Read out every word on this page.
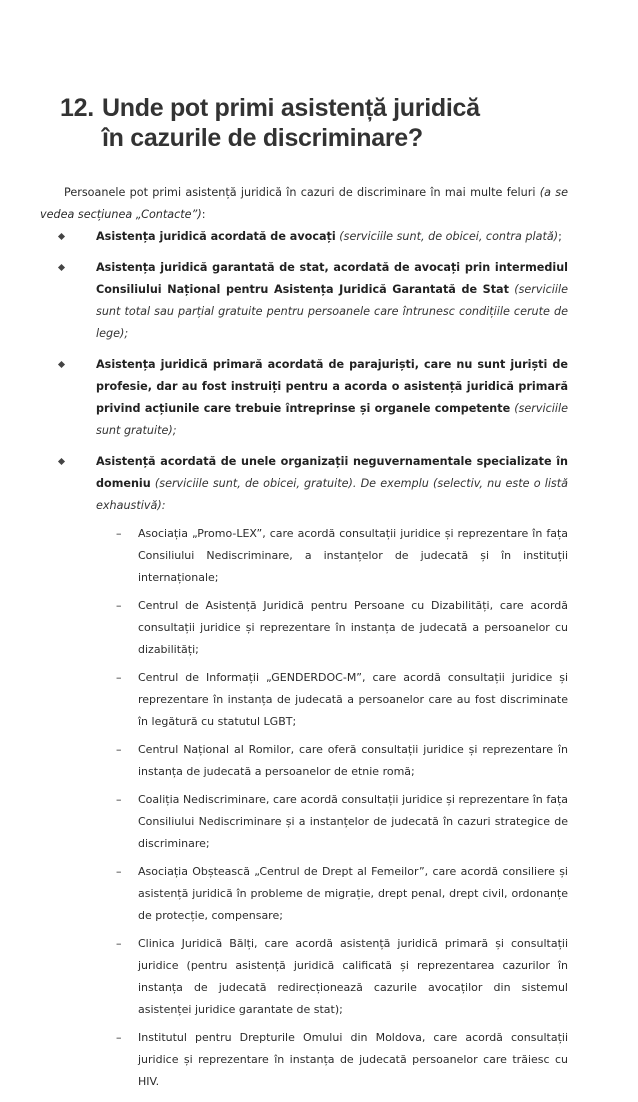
12. Unde pot primi asistență juridică
în cazurile de discriminare?

Persoanele pot primi asistență juridică în cazuri de discriminare în mai multe feluri (a se vedea secțiunea „Contacte”):

Asistența juridică acordată de avocați (serviciile sunt, de obicei, contra plată);
Asistența juridică garantată de stat, acordată de avocați prin intermediul Consiliului Național pentru Asistența Juridică Garantată de Stat (serviciile sunt total sau parțial gratuite pentru persoanele care întrunesc condițiile cerute de lege);
Asistența juridică primară acordată de parajuriști, care nu sunt juriști de profesie, dar au fost instruiți pentru a acorda o asistență juridică primară privind acțiunile care trebuie întreprinse și organele competente (serviciile sunt gratuite);
Asistență acordată de unele organizații neguvernamentale specializate în domeniu (serviciile sunt, de obicei, gratuite). De exemplu (selectiv, nu este o listă exhaustivă):
– Asociația „Promo-LEX”, care acordă consultații juridice și reprezentare în fața Consiliului Nediscriminare, a instanțelor de judecată și în instituții internaționale;
– Centrul de Asistență Juridică pentru Persoane cu Dizabilități, care acordă consultații juridice și reprezentare în instanța de judecată a persoanelor cu dizabilități;
– Centrul de Informații „GENDERDOC-M”, care acordă consultații juridice și reprezentare în instanța de judecată a persoanelor care au fost discriminate în legătură cu statutul LGBT;
– Centrul Național al Romilor, care oferă consultații juridice și reprezentare în instanța de judecată a persoanelor de etnie romă;
– Coaliția Nediscriminare, care acordă consultații juridice și reprezentare în fața Consiliului Nediscriminare și a instanțelor de judecată în cazuri strategice de discriminare;
– Asociația Obștească „Centrul de Drept al Femeilor”, care acordă consiliere și asistență juridică în probleme de migrație, drept penal, drept civil, ordonanțe de protecție, compensare;
– Clinica Juridică Bălți, care acordă asistență juridică primară și consultații juridice (pentru asistență juridică calificată și reprezentarea cazurilor în instanța de judecată redirecționează cazurile avocaților din sistemul asistenței juridice garantate de stat);
– Institutul pentru Drepturile Omului din Moldova, care acordă consultații juridice și reprezentare în instanța de judecată persoanelor care trăiesc cu HIV.
